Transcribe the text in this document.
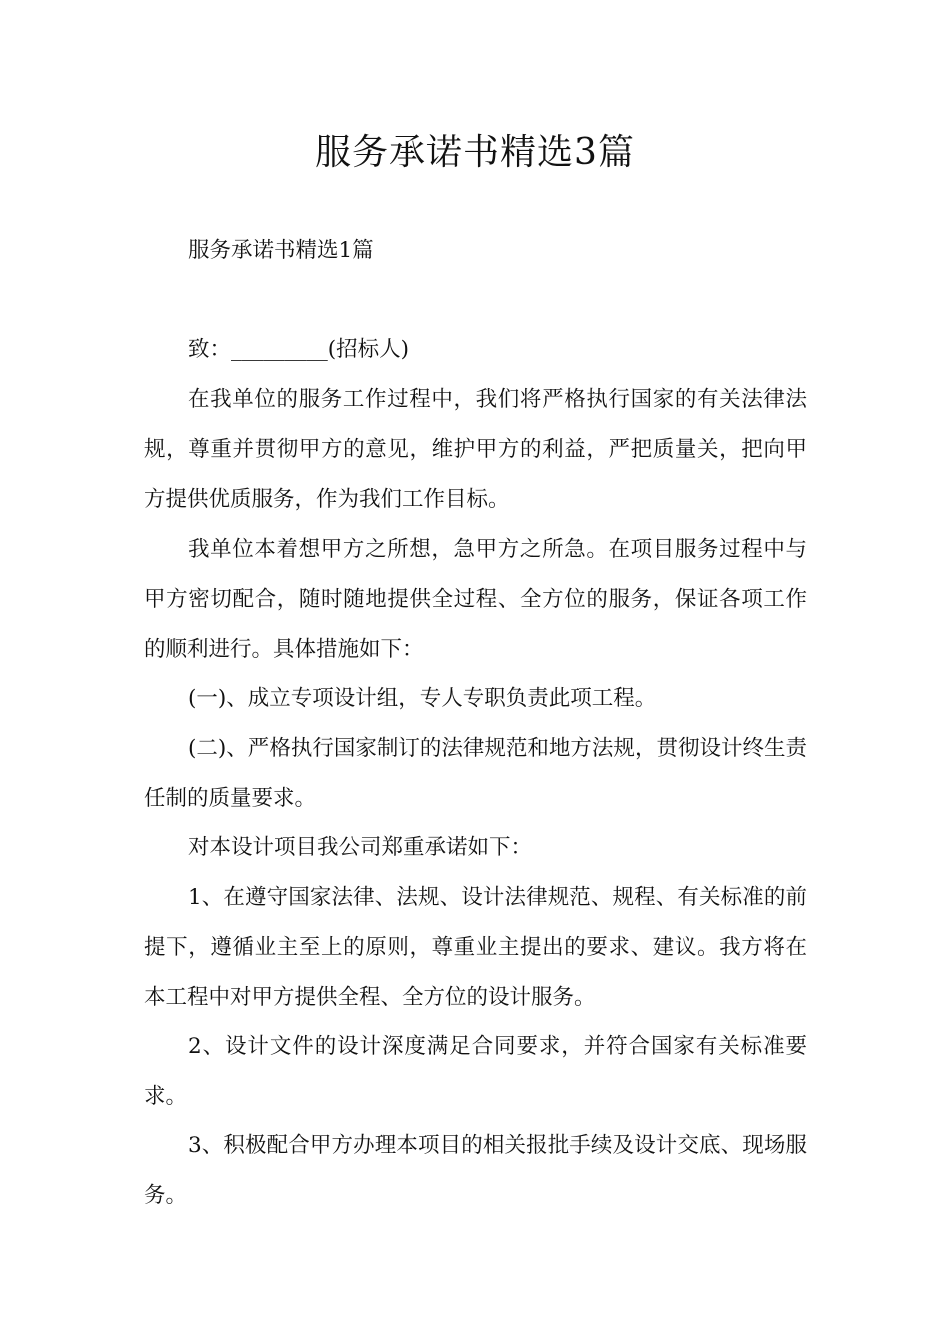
服务承诺书精选3篇

服务承诺书精选1篇

致：_________(招标人)

在我单位的服务工作过程中，我们将严格执行国家的有关法律法规，尊重并贯彻甲方的意见，维护甲方的利益，严把质量关，把向甲方提供优质服务，作为我们工作目标。

我单位本着想甲方之所想，急甲方之所急。在项目服务过程中与甲方密切配合，随时随地提供全过程、全方位的服务，保证各项工作的顺利进行。具体措施如下：

(一)、成立专项设计组，专人专职负责此项工程。

(二)、严格执行国家制订的法律规范和地方法规，贯彻设计终生责任制的质量要求。

对本设计项目我公司郑重承诺如下：

1、在遵守国家法律、法规、设计法律规范、规程、有关标准的前提下，遵循业主至上的原则，尊重业主提出的要求、建议。我方将在本工程中对甲方提供全程、全方位的设计服务。

2、设计文件的设计深度满足合同要求，并符合国家有关标准要求。

3、积极配合甲方办理本项目的相关报批手续及设计交底、现场服务。
